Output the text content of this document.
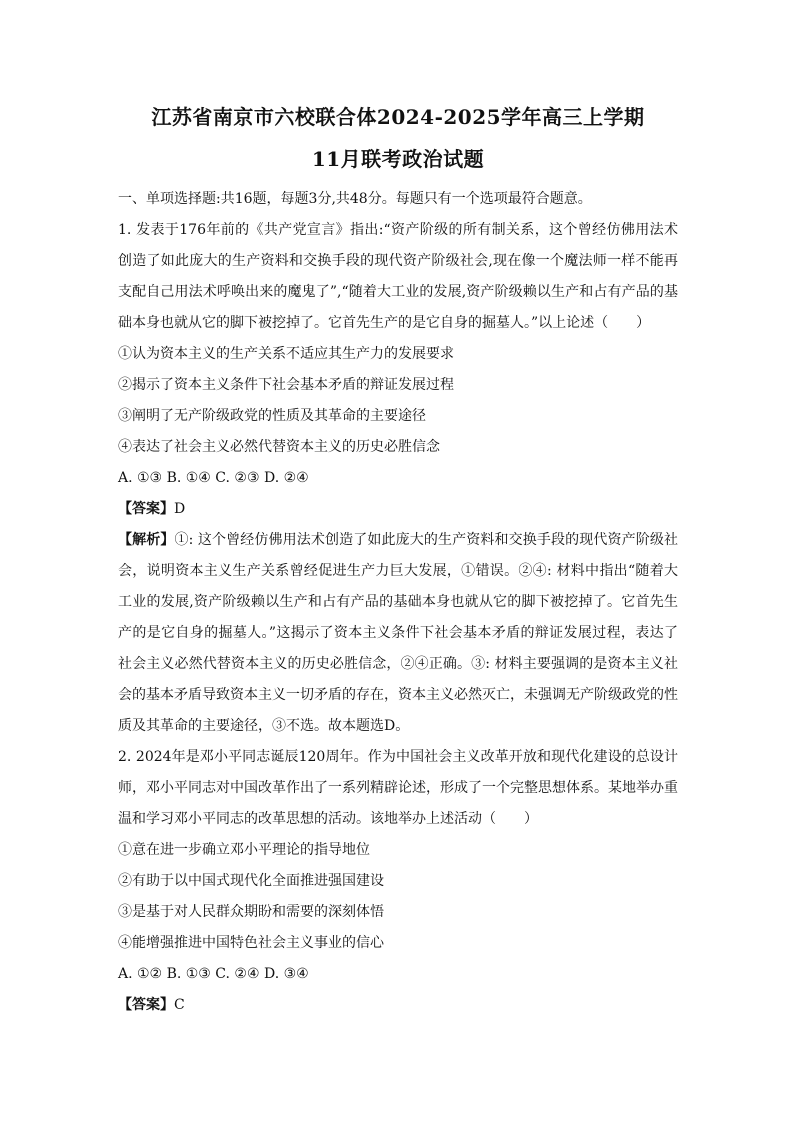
江苏省南京市六校联合体2024-2025学年高三上学期
11月联考政治试题

一、单项选择题:共16题，每题3分,共48分。每题只有一个选项最符合题意。

1. 发表于176年前的《共产党宣言》指出:“资产阶级的所有制关系，这个曾经仿佛用法术创造了如此庞大的生产资料和交换手段的现代资产阶级社会,现在像一个魔法师一样不能再支配自己用法术呼唤出来的魔鬼了”,“随着大工业的发展,资产阶级赖以生产和占有产品的基础本身也就从它的脚下被挖掉了。它首先生产的是它自身的掘墓人。”以上论述（　　）

①认为资本主义的生产关系不适应其生产力的发展要求

②揭示了资本主义条件下社会基本矛盾的辩证发展过程

③阐明了无产阶级政党的性质及其革命的主要途径

④表达了社会主义必然代替资本主义的历史必胜信念

A. ①③ B. ①④ C. ②③ D. ②④

【答案】D

【解析】①: 这个曾经仿佛用法术创造了如此庞大的生产资料和交换手段的现代资产阶级社会，说明资本主义生产关系曾经促进生产力巨大发展，①错误。②④: 材料中指出“随着大工业的发展,资产阶级赖以生产和占有产品的基础本身也就从它的脚下被挖掉了。它首先生产的是它自身的掘墓人。”这揭示了资本主义条件下社会基本矛盾的辩证发展过程，表达了社会主义必然代替资本主义的历史必胜信念，②④正确。③: 材料主要强调的是资本主义社会的基本矛盾导致资本主义一切矛盾的存在，资本主义必然灭亡，未强调无产阶级政党的性质及其革命的主要途径，③不选。故本题选D。

2. 2024年是邓小平同志诞辰120周年。作为中国社会主义改革开放和现代化建设的总设计师，邓小平同志对中国改革作出了一系列精辟论述，形成了一个完整思想体系。某地举办重温和学习邓小平同志的改革思想的活动。该地举办上述活动（　　）

①意在进一步确立邓小平理论的指导地位

②有助于以中国式现代化全面推进强国建设

③是基于对人民群众期盼和需要的深刻体悟

④能增强推进中国特色社会主义事业的信心

A. ①② B. ①③ C. ②④ D. ③④

【答案】C
